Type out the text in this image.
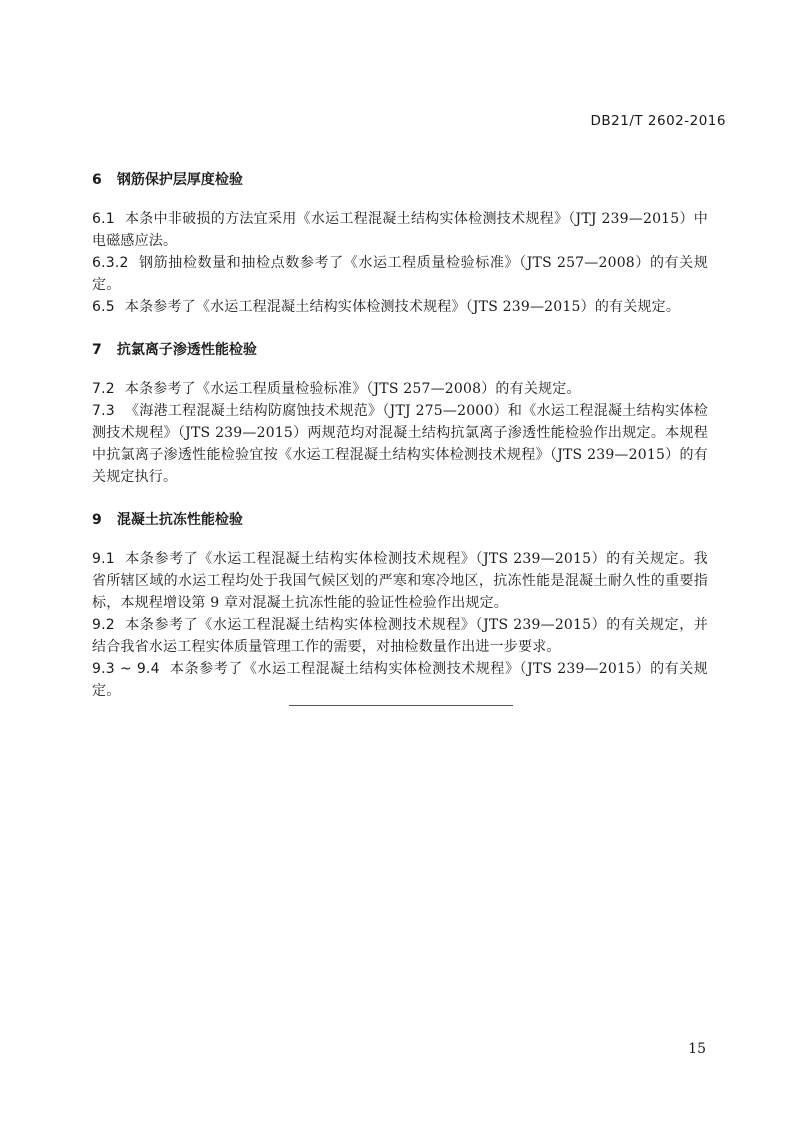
DB21/T 2602-2016

6 钢筋保护层厚度检验

6.1 本条中非破损的方法宜采用《水运工程混凝土结构实体检测技术规程》（JTJ 239—2015）中电磁感应法。

6.3.2 钢筋抽检数量和抽检点数参考了《水运工程质量检验标准》（JTS 257—2008）的有关规定。

6.5 本条参考了《水运工程混凝土结构实体检测技术规程》（JTS 239—2015）的有关规定。

7 抗氯离子渗透性能检验

7.2 本条参考了《水运工程质量检验标准》（JTS 257—2008）的有关规定。

7.3 《海港工程混凝土结构防腐蚀技术规范》（JTJ 275—2000）和《水运工程混凝土结构实体检测技术规程》（JTS 239—2015）两规范均对混凝土结构抗氯离子渗透性能检验作出规定。本规程中抗氯离子渗透性能检验宜按《水运工程混凝土结构实体检测技术规程》（JTS 239—2015）的有关规定执行。

9 混凝土抗冻性能检验

9.1 本条参考了《水运工程混凝土结构实体检测技术规程》（JTS 239—2015）的有关规定。我省所辖区域的水运工程均处于我国气候区划的严寒和寒冷地区，抗冻性能是混凝土耐久性的重要指标，本规程增设第 9 章对混凝土抗冻性能的验证性检验作出规定。

9.2 本条参考了《水运工程混凝土结构实体检测技术规程》（JTS 239—2015）的有关规定，并结合我省水运工程实体质量管理工作的需要，对抽检数量作出进一步要求。

9.3 ~ 9.4 本条参考了《水运工程混凝土结构实体检测技术规程》（JTS 239—2015）的有关规定。

15
